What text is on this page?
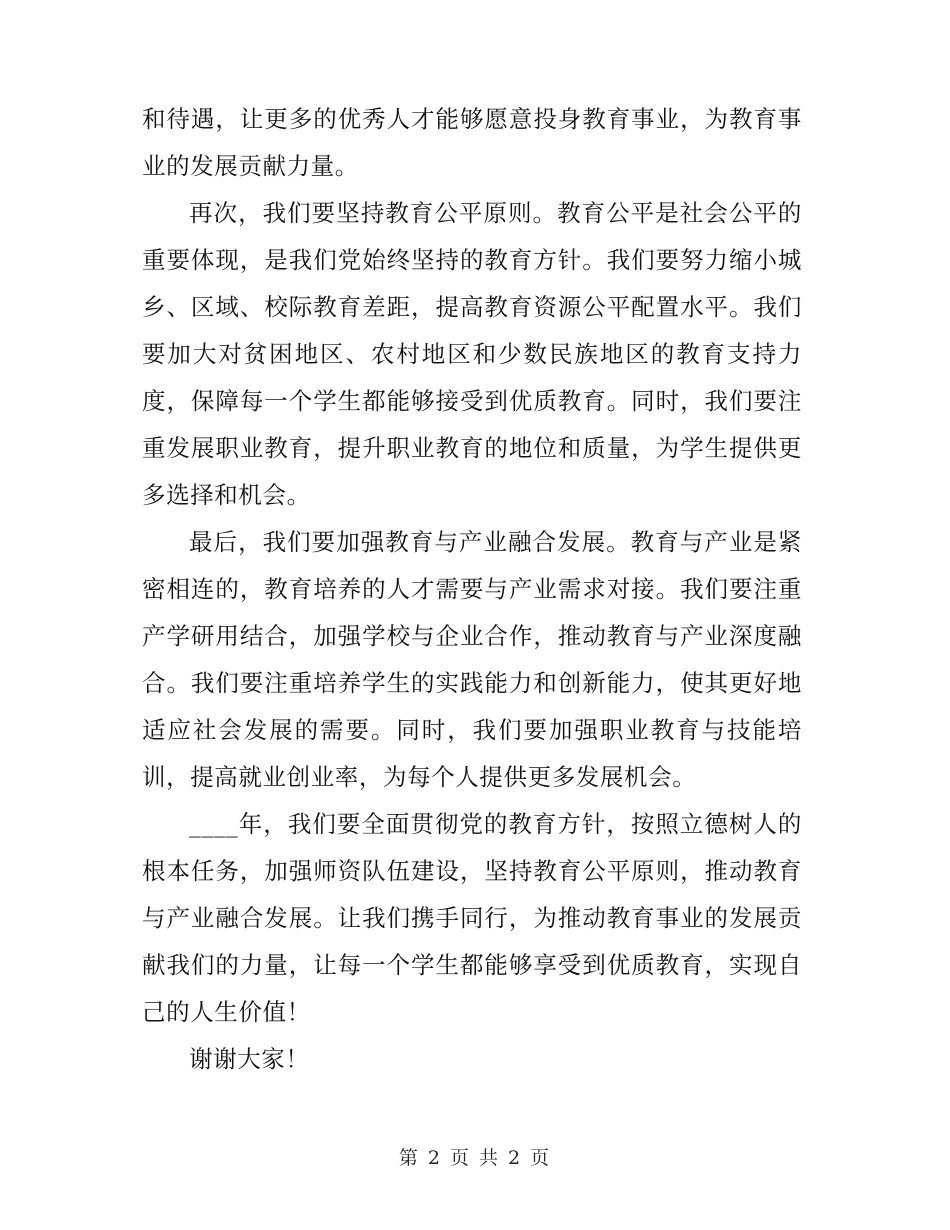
和待遇，让更多的优秀人才能够愿意投身教育事业，为教育事业的发展贡献力量。

再次，我们要坚持教育公平原则。教育公平是社会公平的重要体现，是我们党始终坚持的教育方针。我们要努力缩小城乡、区域、校际教育差距，提高教育资源公平配置水平。我们要加大对贫困地区、农村地区和少数民族地区的教育支持力度，保障每一个学生都能够接受到优质教育。同时，我们要注重发展职业教育，提升职业教育的地位和质量，为学生提供更多选择和机会。

最后，我们要加强教育与产业融合发展。教育与产业是紧密相连的，教育培养的人才需要与产业需求对接。我们要注重产学研用结合，加强学校与企业合作，推动教育与产业深度融合。我们要注重培养学生的实践能力和创新能力，使其更好地适应社会发展的需要。同时，我们要加强职业教育与技能培训，提高就业创业率，为每个人提供更多发展机会。

____年，我们要全面贯彻党的教育方针，按照立德树人的根本任务，加强师资队伍建设，坚持教育公平原则，推动教育与产业融合发展。让我们携手同行，为推动教育事业的发展贡献我们的力量，让每一个学生都能够享受到优质教育，实现自己的人生价值！

谢谢大家！

第 2 页 共 2 页
